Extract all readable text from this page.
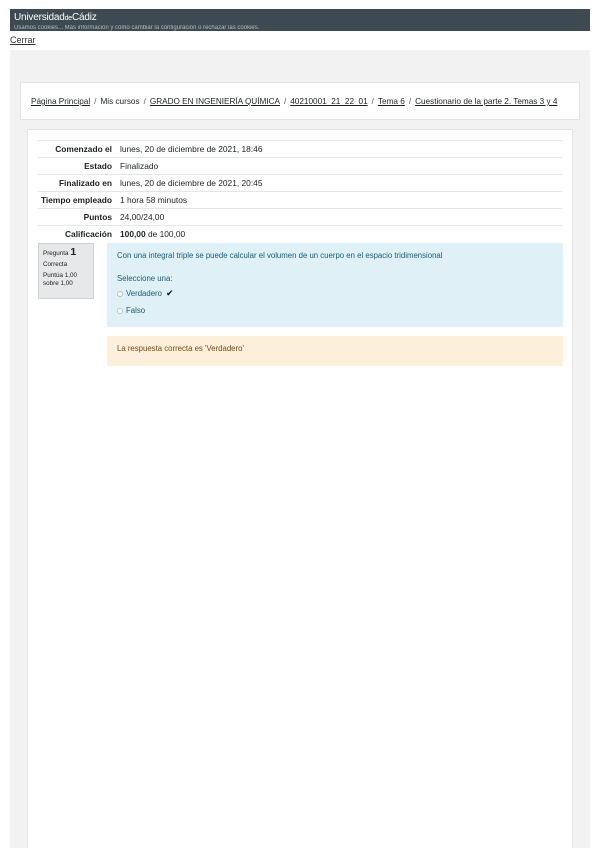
UniversidaddeCádiz
Usamos cookies... Más información y cómo cambiar la configuración o rechazar las cookies.
Cerrar
Página Principal / Mis cursos / GRADO EN INGENIERÍA QUÍMICA / 40210001_21_22_01 / Tema 6 / Cuestionario de la parte 2. Temas 3 y 4
Comenzado el	lunes, 20 de diciembre de 2021, 18:46
Estado	Finalizado
Finalizado en	lunes, 20 de diciembre de 2021, 20:45
Tiempo empleado	1 hora 58 minutos
Puntos	24,00/24,00
Calificación	100,00 de 100,00
Pregunta 1
Correcta
Puntúa 1,00 sobre 1,00
Con una integral triple se puede calcular el volumen de un cuerpo en el espacio tridimensional
Seleccione una:
Verdadero ✔
Falso
La respuesta correcta es 'Verdadero'
